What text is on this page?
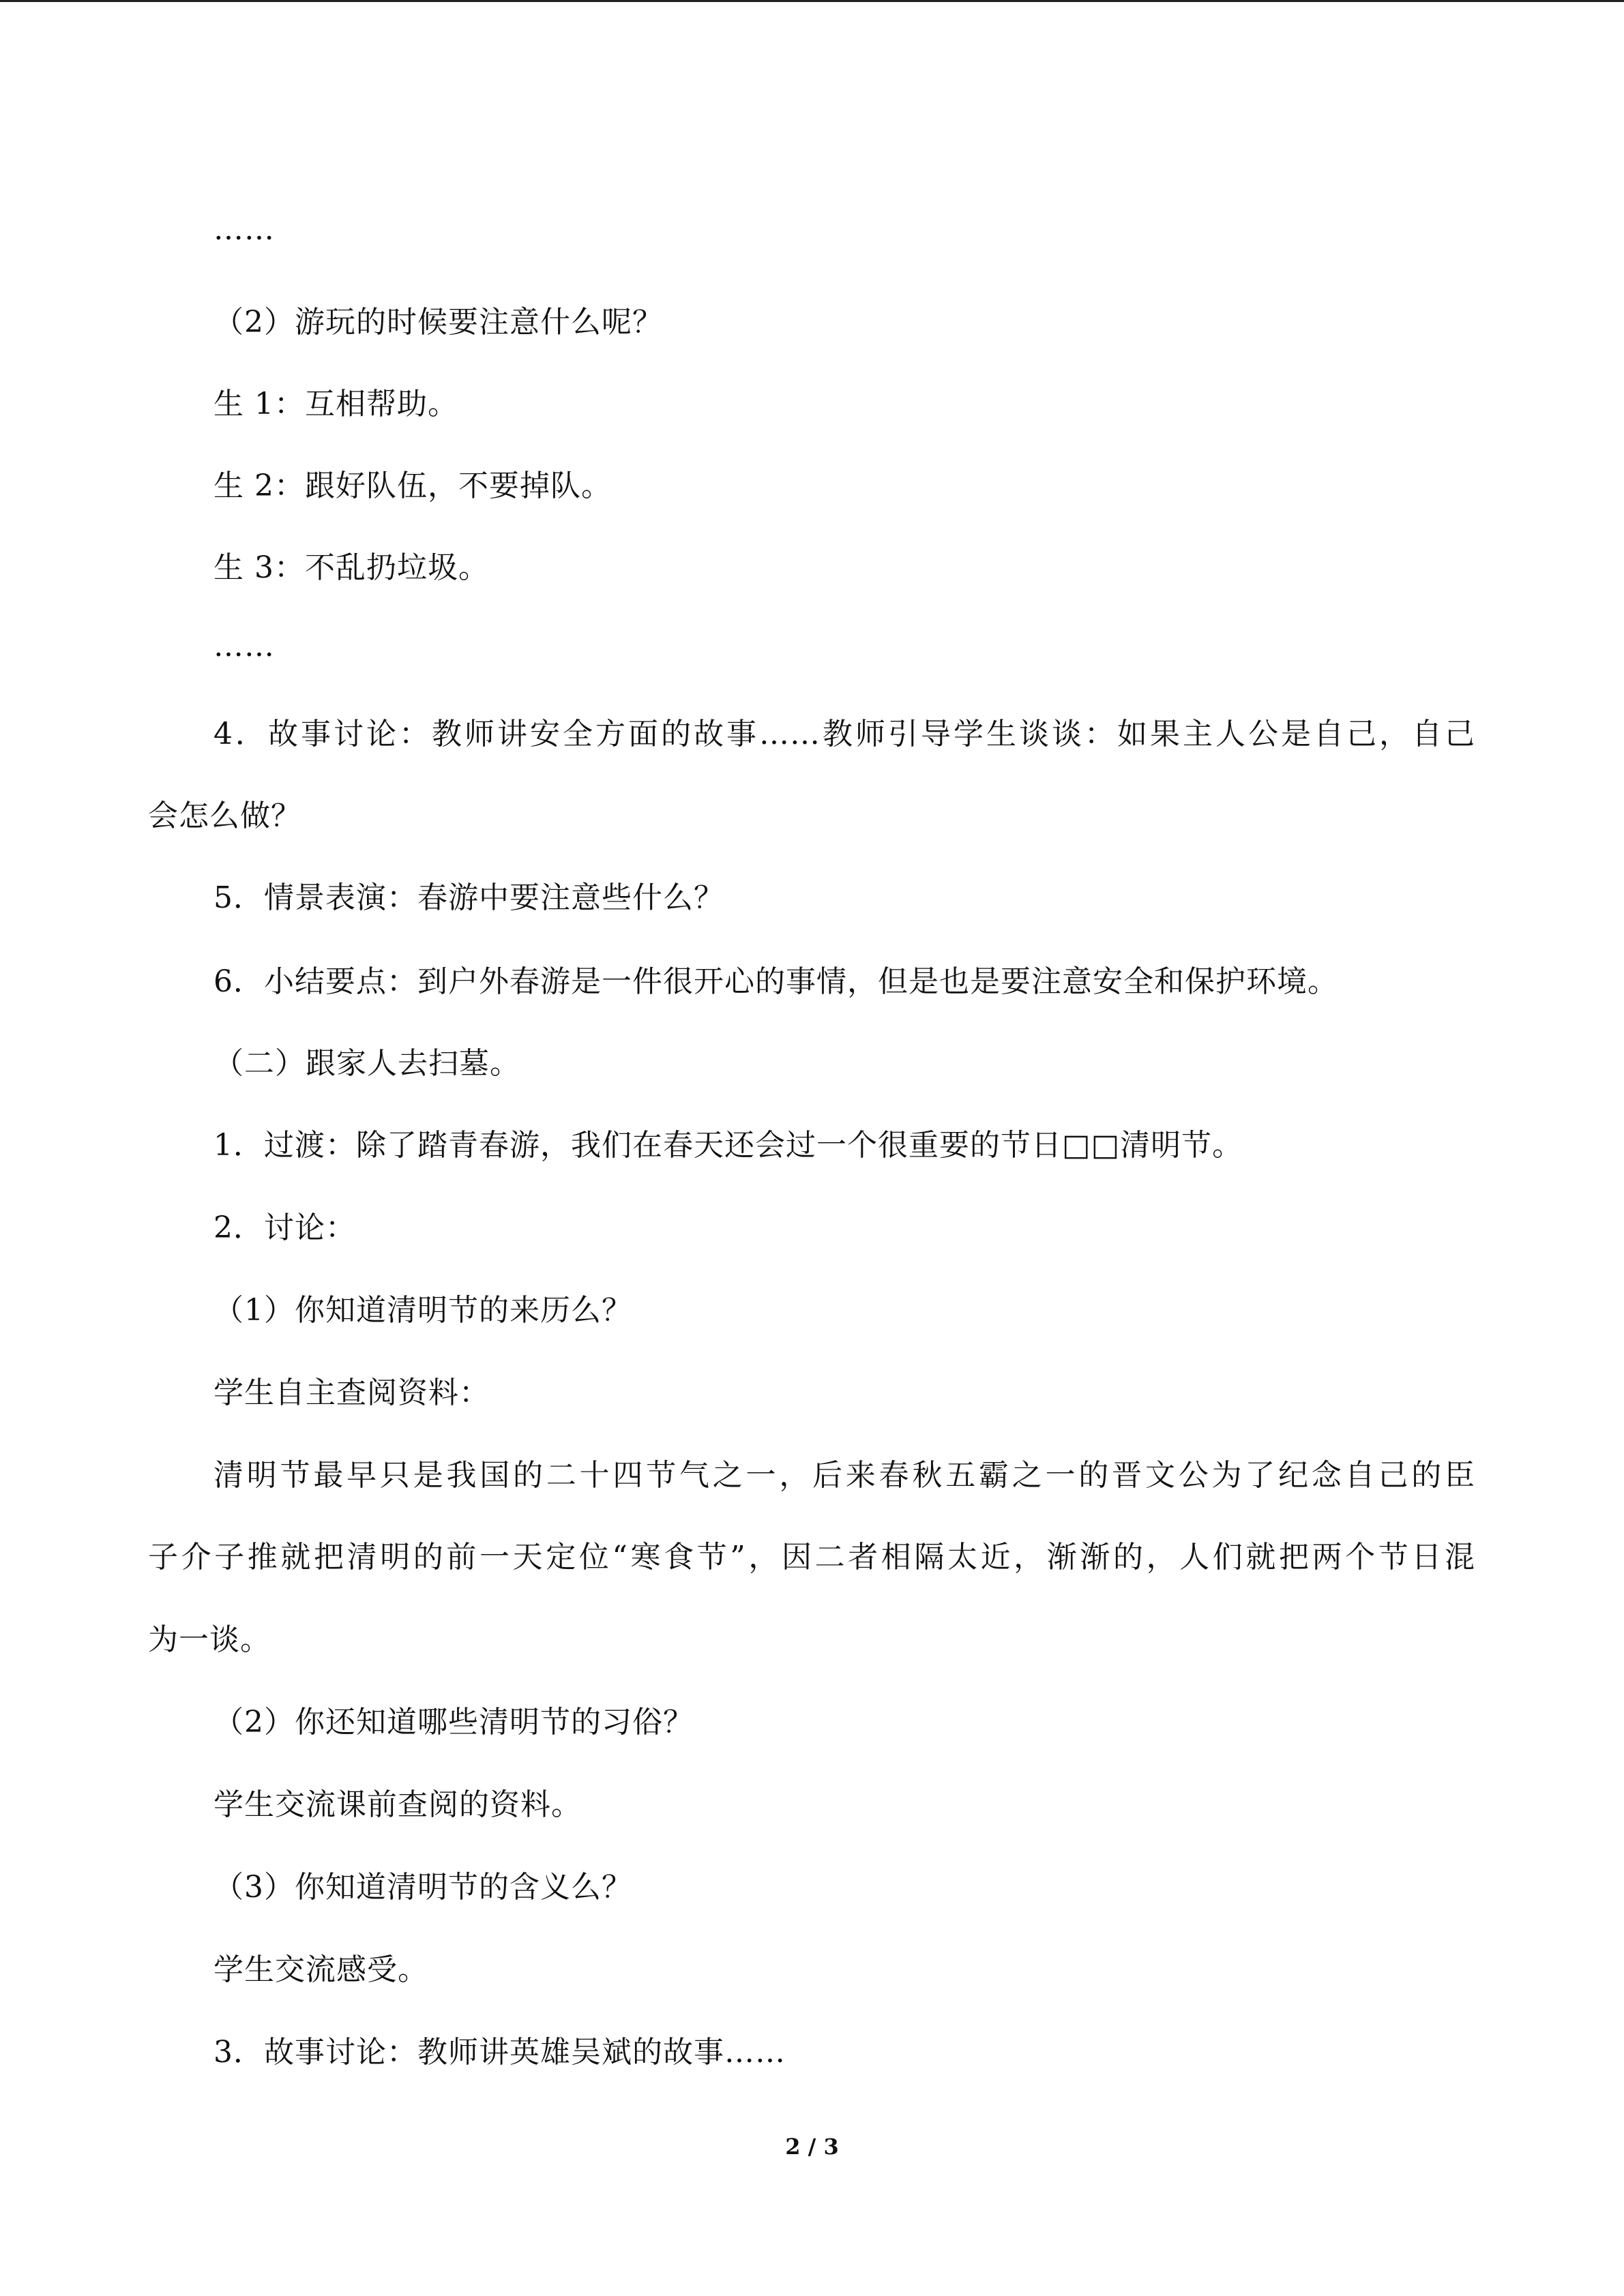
……
（2）游玩的时候要注意什么呢？
生 1：互相帮助。
生 2：跟好队伍，不要掉队。
生 3：不乱扔垃圾。
……
4．故事讨论：教师讲安全方面的故事……教师引导学生谈谈：如果主人公是自己，自己
会怎么做？
5．情景表演：春游中要注意些什么？
6．小结要点：到户外春游是一件很开心的事情，但是也是要注意安全和保护环境。
（二）跟家人去扫墓。
1．过渡：除了踏青春游，我们在春天还会过一个很重要的节日□□清明节。
2．讨论：
（1）你知道清明节的来历么？
学生自主查阅资料：
清明节最早只是我国的二十四节气之一，后来春秋五霸之一的晋文公为了纪念自己的臣
子介子推就把清明的前一天定位“寒食节”，因二者相隔太近，渐渐的，人们就把两个节日混
为一谈。
（2）你还知道哪些清明节的习俗？
学生交流课前查阅的资料。
（3）你知道清明节的含义么？
学生交流感受。
3．故事讨论：教师讲英雄吴斌的故事……
2 / 3
